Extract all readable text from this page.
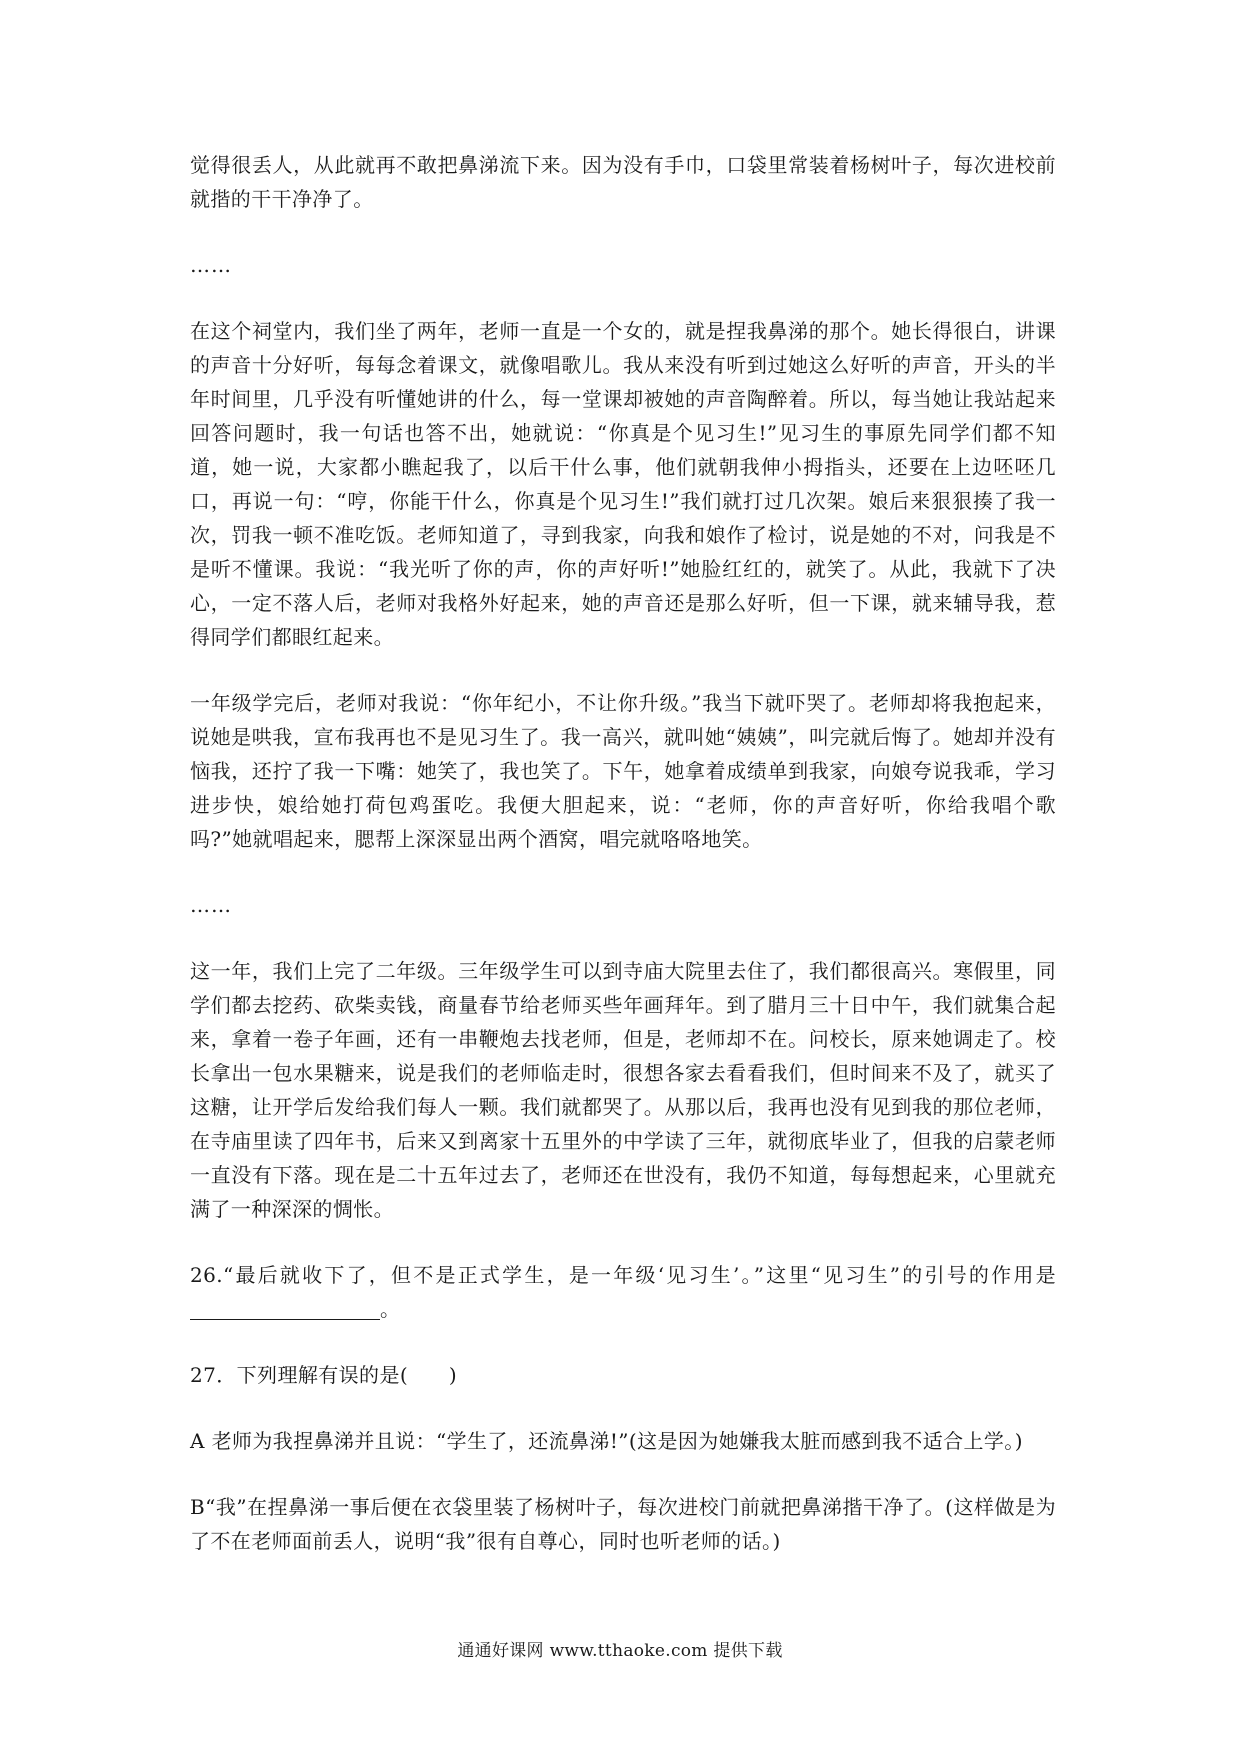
觉得很丢人，从此就再不敢把鼻涕流下来。因为没有手巾，口袋里常装着杨树叶子，每次进校前就揩的干干净净了。

……

在这个祠堂内，我们坐了两年，老师一直是一个女的，就是捏我鼻涕的那个。她长得很白，讲课的声音十分好听，每每念着课文，就像唱歌儿。我从来没有听到过她这么好听的声音，开头的半年时间里，几乎没有听懂她讲的什么，每一堂课却被她的声音陶醉着。所以，每当她让我站起来回答问题时，我一句话也答不出，她就说：“你真是个见习生!”见习生的事原先同学们都不知道，她一说，大家都小瞧起我了，以后干什么事，他们就朝我伸小拇指头，还要在上边呸呸几口，再说一句：“哼，你能干什么，你真是个见习生!”我们就打过几次架。娘后来狠狠揍了我一次，罚我一顿不准吃饭。老师知道了，寻到我家，向我和娘作了检讨，说是她的不对，问我是不是听不懂课。我说：“我光听了你的声，你的声好听!”她脸红红的，就笑了。从此，我就下了决心，一定不落人后，老师对我格外好起来，她的声音还是那么好听，但一下课，就来辅导我，惹得同学们都眼红起来。

一年级学完后，老师对我说：“你年纪小，不让你升级。”我当下就吓哭了。老师却将我抱起来，说她是哄我，宣布我再也不是见习生了。我一高兴，就叫她“姨姨”，叫完就后悔了。她却并没有恼我，还拧了我一下嘴：她笑了，我也笑了。下午，她拿着成绩单到我家，向娘夸说我乖，学习进步快，娘给她打荷包鸡蛋吃。我便大胆起来，说：“老师，你的声音好听，你给我唱个歌吗?”她就唱起来，腮帮上深深显出两个酒窝，唱完就咯咯地笑。

……

这一年，我们上完了二年级。三年级学生可以到寺庙大院里去住了，我们都很高兴。寒假里，同学们都去挖药、砍柴卖钱，商量春节给老师买些年画拜年。到了腊月三十日中午，我们就集合起来，拿着一卷子年画，还有一串鞭炮去找老师，但是，老师却不在。问校长，原来她调走了。校长拿出一包水果糖来，说是我们的老师临走时，很想各家去看看我们，但时间来不及了，就买了这糖，让开学后发给我们每人一颗。我们就都哭了。从那以后，我再也没有见到我的那位老师，在寺庙里读了四年书，后来又到离家十五里外的中学读了三年，就彻底毕业了，但我的启蒙老师一直没有下落。现在是二十五年过去了，老师还在世没有，我仍不知道，每每想起来，心里就充满了一种深深的惆怅。

26.“最后就收下了，但不是正式学生，是一年级‘见习生’。”这里“见习生”的引号的作用是。

27．下列理解有误的是(　　)

A 老师为我捏鼻涕并且说：“学生了，还流鼻涕!”(这是因为她嫌我太脏而感到我不适合上学。)

B“我”在捏鼻涕一事后便在衣袋里装了杨树叶子，每次进校门前就把鼻涕揩干净了。(这样做是为了不在老师面前丢人，说明“我”很有自尊心，同时也听老师的话。)

通通好课网 www.tthaoke.com 提供下载
